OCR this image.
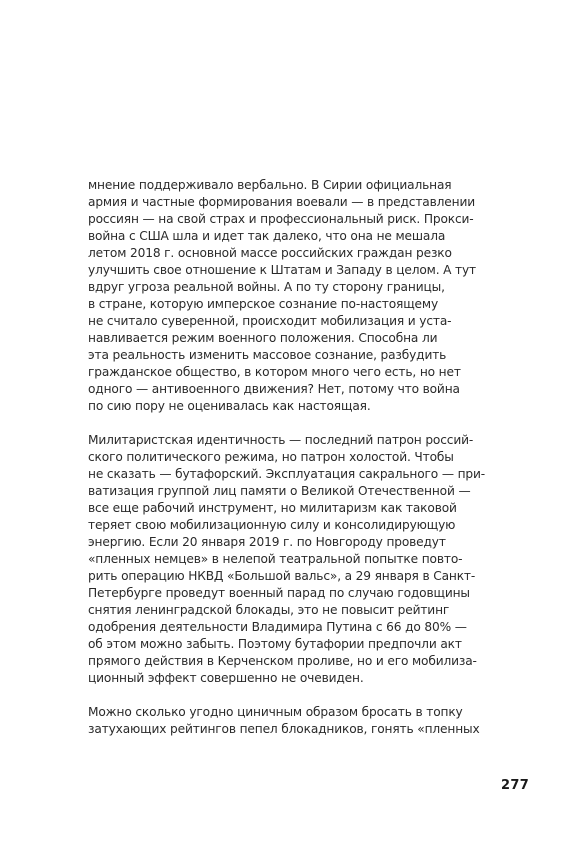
мнение поддерживало вербально. В Сирии официальная
армия и частные формирования воевали — в представлении
россиян — на свой страх и профессиональный риск. Прокси-
война с США шла и идет так далеко, что она не мешала
летом 2018 г. основной массе российских граждан резко
улучшить свое отношение к Штатам и Западу в целом. А тут
вдруг угроза реальной войны. А по ту сторону границы,
в стране, которую имперское сознание по-настоящему
не считало суверенной, происходит мобилизация и уста-
навливается режим военного положения. Способна ли
эта реальность изменить массовое сознание, разбудить
гражданское общество, в котором много чего есть, но нет
одного — антивоенного движения? Нет, потому что война
по сию пору не оценивалась как настоящая.

Милитаристская идентичность — последний патрон россий-
ского политического режима, но патрон холостой. Чтобы
не сказать — бутафорский. Эксплуатация сакрального — при-
ватизация группой лиц памяти о Великой Отечественной —
все еще рабочий инструмент, но милитаризм как таковой
теряет свою мобилизационную силу и консолидирующую
энергию. Если 20 января 2019 г. по Новгороду проведут
«пленных немцев» в нелепой театральной попытке повто-
рить операцию НКВД «Большой вальс», а 29 января в Санкт-
Петербурге проведут военный парад по случаю годовщины
снятия ленинградской блокады, это не повысит рейтинг
одобрения деятельности Владимира Путина с 66 до 80% —
об этом можно забыть. Поэтому бутафории предпочли акт
прямого действия в Керченском проливе, но и его мобилиза-
ционный эффект совершенно не очевиден.

Можно сколько угодно циничным образом бросать в топку
затухающих рейтингов пепел блокадников, гонять «пленных

277
